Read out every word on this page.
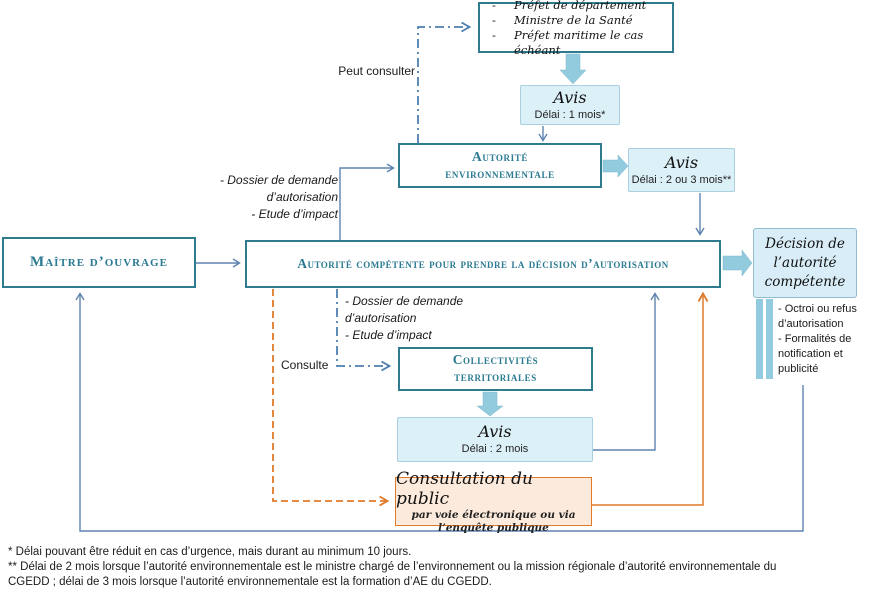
-	Préfet de département
-	Ministre de la Santé
-	Préfet maritime le cas échéant
Avis
Délai : 1 mois*
Autorité
environnementale
Avis
Délai : 2 ou 3 mois**
Maître d’ouvrage	Autorité compétente pour prendre la décision d’autorisation
Décision de
l’autorité
compétente
- Octroi ou refus d’autorisation
- Formalités de notification et publicité
Collectivités
territoriales
Avis
Délai : 2 mois
Consultation du public
par voie électronique ou via
l’enquête publique
Peut consulter
- Dossier de demande
d’autorisation
- Etude d’impact
- Dossier de demande
d’autorisation
- Etude d’impact
Consulte
* Délai pouvant être réduit en cas d’urgence, mais durant au minimum 10 jours.
** Délai de 2 mois lorsque l’autorité environnementale est le ministre chargé de l’environnement ou la mission régionale d’autorité environnementale du
CGEDD ; délai de 3 mois lorsque l’autorité environnementale est la formation d’AE du CGEDD.
